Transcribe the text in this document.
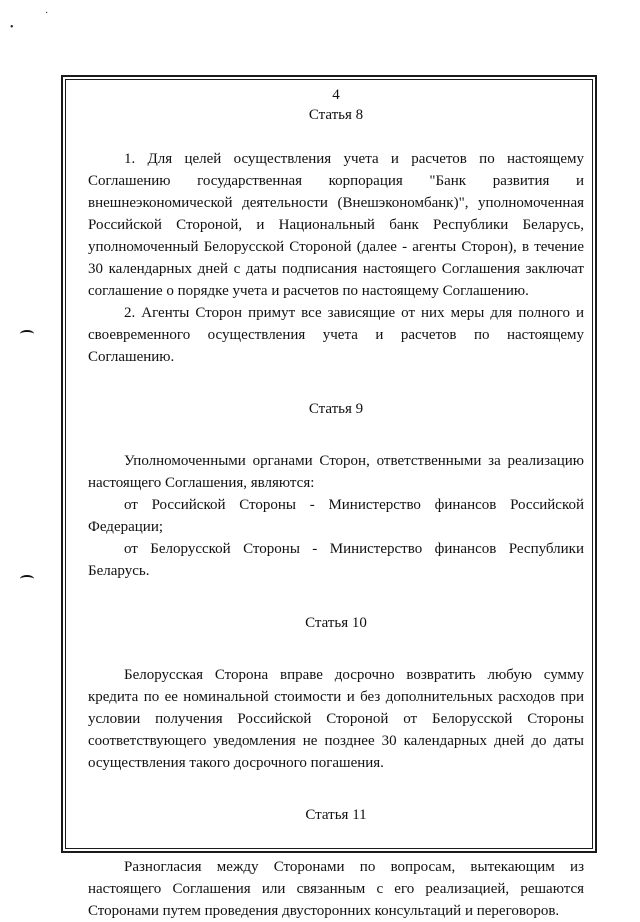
•
·
4
Статья 8

1. Для целей осуществления учета и расчетов по настоящему Соглашению государственная корпорация "Банк развития и внешнеэкономической деятельности (Внешэкономбанк)", уполномоченная Российской Стороной, и Национальный банк Республики Беларусь, уполномоченный Белорусской Стороной (далее - агенты Сторон), в течение 30 календарных дней с даты подписания настоящего Соглашения заключат соглашение о порядке учета и расчетов по настоящему Соглашению.

2. Агенты Сторон примут все зависящие от них меры для полного и своевременного осуществления учета и расчетов по настоящему Соглашению.

Статья 9

Уполномоченными органами Сторон, ответственными за реализацию настоящего Соглашения, являются:

от Российской Стороны - Министерство финансов Российской Федерации;

от Белорусской Стороны - Министерство финансов Республики Беларусь.

Статья 10

Белорусская Сторона вправе досрочно возвратить любую сумму кредита по ее номинальной стоимости и без дополнительных расходов при условии получения Российской Стороной от Белорусской Стороны соответствующего уведомления не позднее 30 календарных дней до даты осуществления такого досрочного погашения.

Статья 11

Разногласия между Сторонами по вопросам, вытекающим из настоящего Соглашения или связанным с его реализацией, решаются Сторонами путем проведения двусторонних консультаций и переговоров.
